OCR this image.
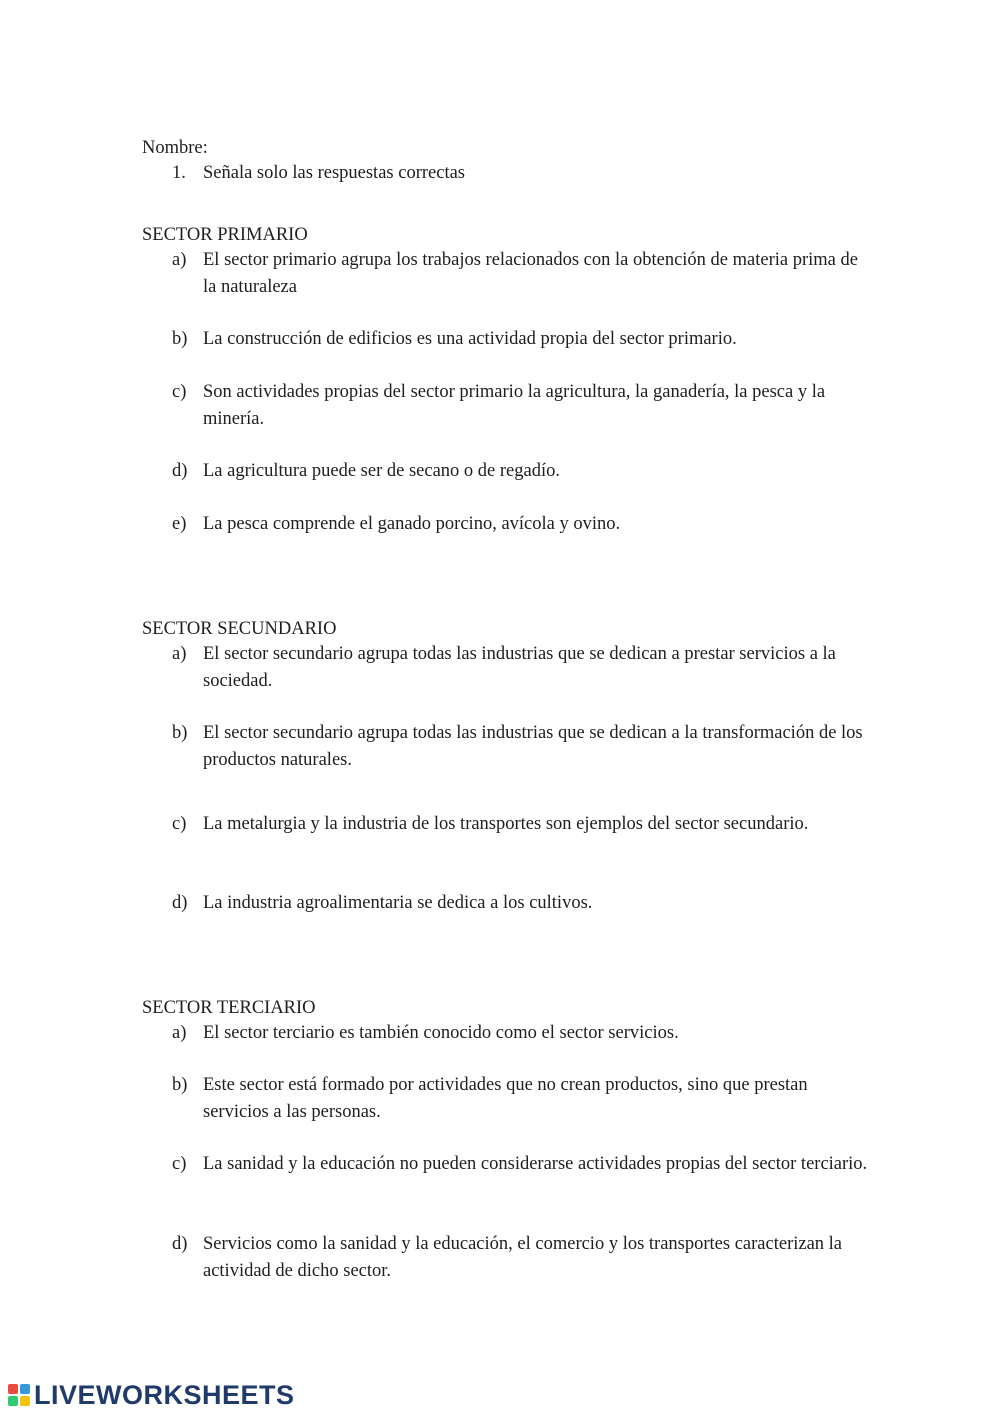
Nombre:

1. Señala solo las respuestas correctas

SECTOR PRIMARIO

a) El sector primario agrupa los trabajos relacionados con la obtención de materia prima de la naturaleza
b) La construcción de edificios es una actividad propia del sector primario.
c) Son actividades propias del sector primario la agricultura, la ganadería, la pesca y la minería.
d) La agricultura puede ser de secano o de regadío.
e) La pesca comprende el ganado porcino, avícola y ovino.

SECTOR SECUNDARIO

a) El sector secundario agrupa todas las industrias que se dedican a prestar servicios a la sociedad.
b) El sector secundario agrupa todas las industrias que se dedican a la transformación de los productos naturales.
c) La metalurgia y la industria de los transportes son ejemplos del sector secundario.
d) La industria agroalimentaria se dedica a los cultivos.

SECTOR TERCIARIO

a) El sector terciario es también conocido como el sector servicios.
b) Este sector está formado por actividades que no crean productos, sino que prestan servicios a las personas.
c) La sanidad y la educación no pueden considerarse actividades propias del sector terciario.
d) Servicios como la sanidad y la educación, el comercio y los transportes caracterizan la actividad de dicho sector.
LIVEWORKSHEETS
